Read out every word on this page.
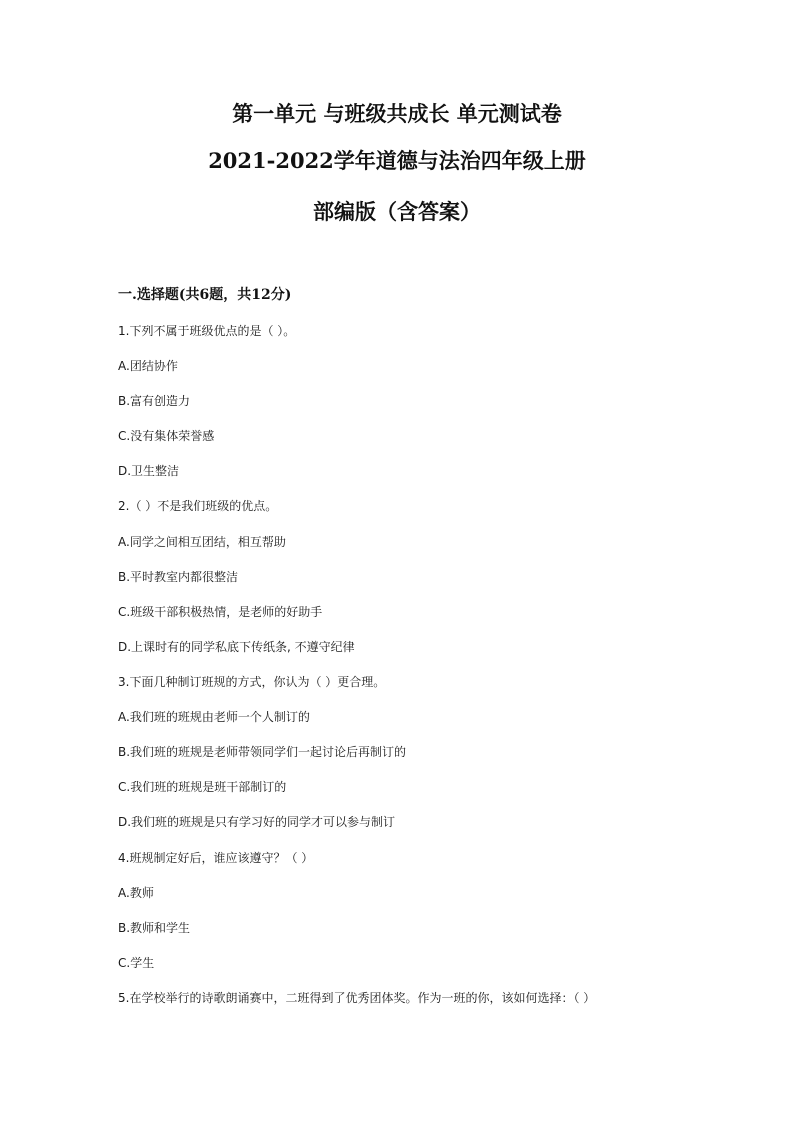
第一单元 与班级共成长 单元测试卷
2021-2022学年道德与法治四年级上册
部编版（含答案）
一.选择题(共6题，共12分)
1.下列不属于班级优点的是（ ）。
A.团结协作
B.富有创造力
C.没有集体荣誉感
D.卫生整洁
2.（ ）不是我们班级的优点。
A.同学之间相互团结，相互帮助
B.平时教室内都很整洁
C.班级干部积极热情，是老师的好助手
D.上课时有的同学私底下传纸条, 不遵守纪律
3.下面几种制订班规的方式，你认为（ ）更合理。
A.我们班的班规由老师一个人制订的
B.我们班的班规是老师带领同学们一起讨论后再制订的
C.我们班的班规是班干部制订的
D.我们班的班规是只有学习好的同学才可以参与制订
4.班规制定好后，谁应该遵守？（ ）
A.教师
B.教师和学生
C.学生
5.在学校举行的诗歌朗诵赛中，二班得到了优秀团体奖。作为一班的你，该如何选择：（ ）
